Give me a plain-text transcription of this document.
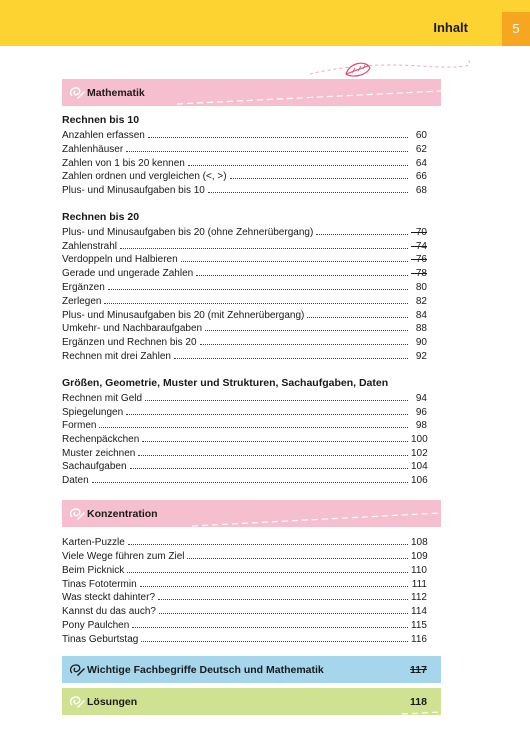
Inhalt	5
Mathematik
Rechnen bis 10
Anzahlen erfassen	60
Zahlenhäuser	62
Zahlen von 1 bis 20 kennen	64
Zahlen ordnen und vergleichen (<, >)	66
Plus- und Minusaufgaben bis 10	68
Rechnen bis 20
Plus- und Minusaufgaben bis 20 (ohne Zehnerübergang)	70
Zahlenstrahl	74
Verdoppeln und Halbieren	76
Gerade und ungerade Zahlen	78
Ergänzen	80
Zerlegen	82
Plus- und Minusaufgaben bis 20 (mit Zehnerübergang)	84
Umkehr- und Nachbaraufgaben	88
Ergänzen und Rechnen bis 20	90
Rechnen mit drei Zahlen	92
Größen, Geometrie, Muster und Strukturen, Sachaufgaben, Daten
Rechnen mit Geld	94
Spiegelungen	96
Formen	98
Rechenpäckchen	100
Muster zeichnen	102
Sachaufgaben	104
Daten	106
Konzentration
Karten-Puzzle	108
Viele Wege führen zum Ziel	109
Beim Picknick	110
Tinas Fototermin	111
Was steckt dahinter?	112
Kannst du das auch?	114
Pony Paulchen	115
Tinas Geburtstag	116
Wichtige Fachbegriffe Deutsch und Mathematik	117
Lösungen	118
